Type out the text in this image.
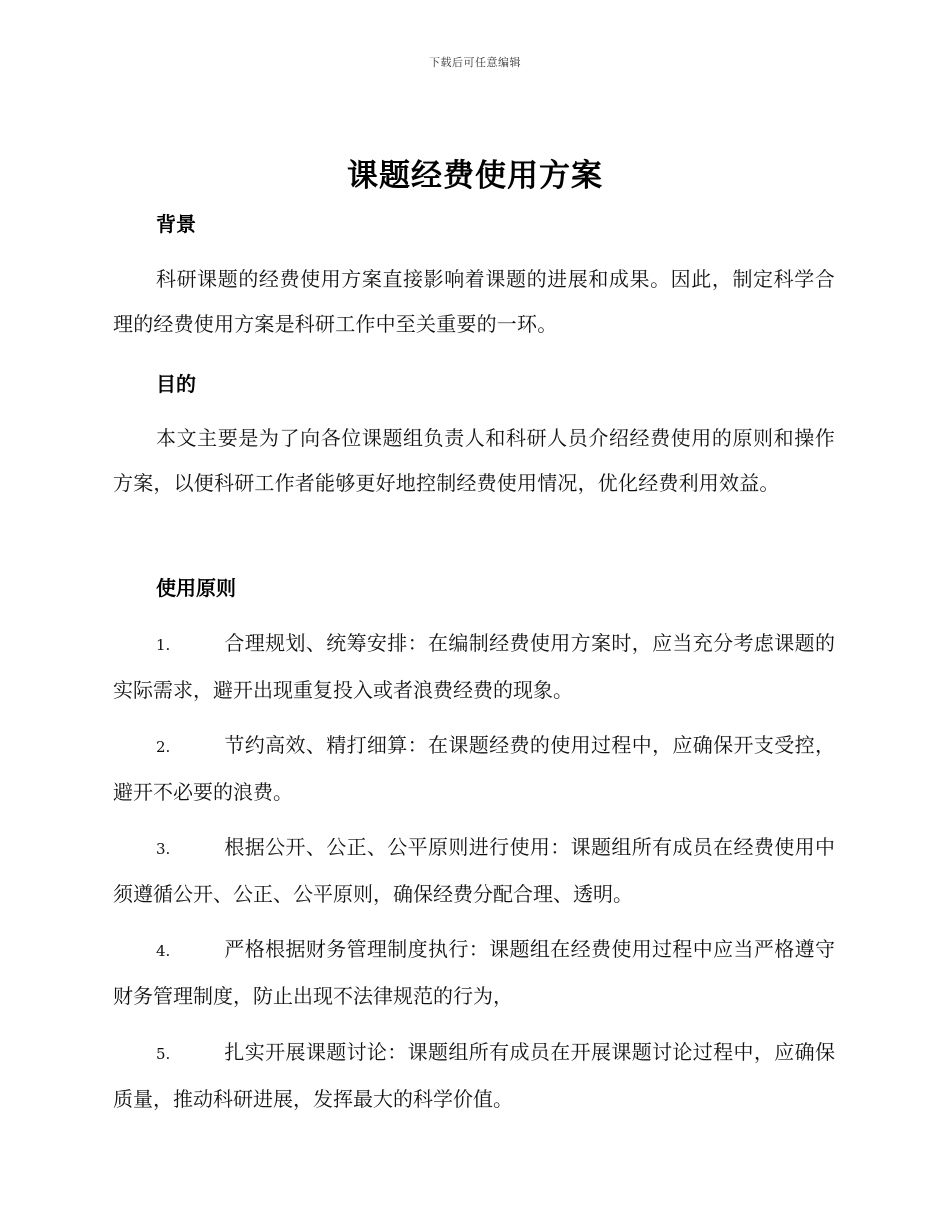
下载后可任意编辑
课题经费使用方案
背景

科研课题的经费使用方案直接影响着课题的进展和成果。因此，制定科学合理的经费使用方案是科研工作中至关重要的一环。

目的

本文主要是为了向各位课题组负责人和科研人员介绍经费使用的原则和操作方案，以便科研工作者能够更好地控制经费使用情况，优化经费利用效益。

使用原则

1.	合理规划、统筹安排：在编制经费使用方案时，应当充分考虑课题的实际需求，避开出现重复投入或者浪费经费的现象。

2.	节约高效、精打细算：在课题经费的使用过程中，应确保开支受控，避开不必要的浪费。

3.	根据公开、公正、公平原则进行使用：课题组所有成员在经费使用中须遵循公开、公正、公平原则，确保经费分配合理、透明。

4.	严格根据财务管理制度执行：课题组在经费使用过程中应当严格遵守财务管理制度，防止出现不法律规范的行为，

5.	扎实开展课题讨论：课题组所有成员在开展课题讨论过程中，应确保质量，推动科研进展，发挥最大的科学价值。
